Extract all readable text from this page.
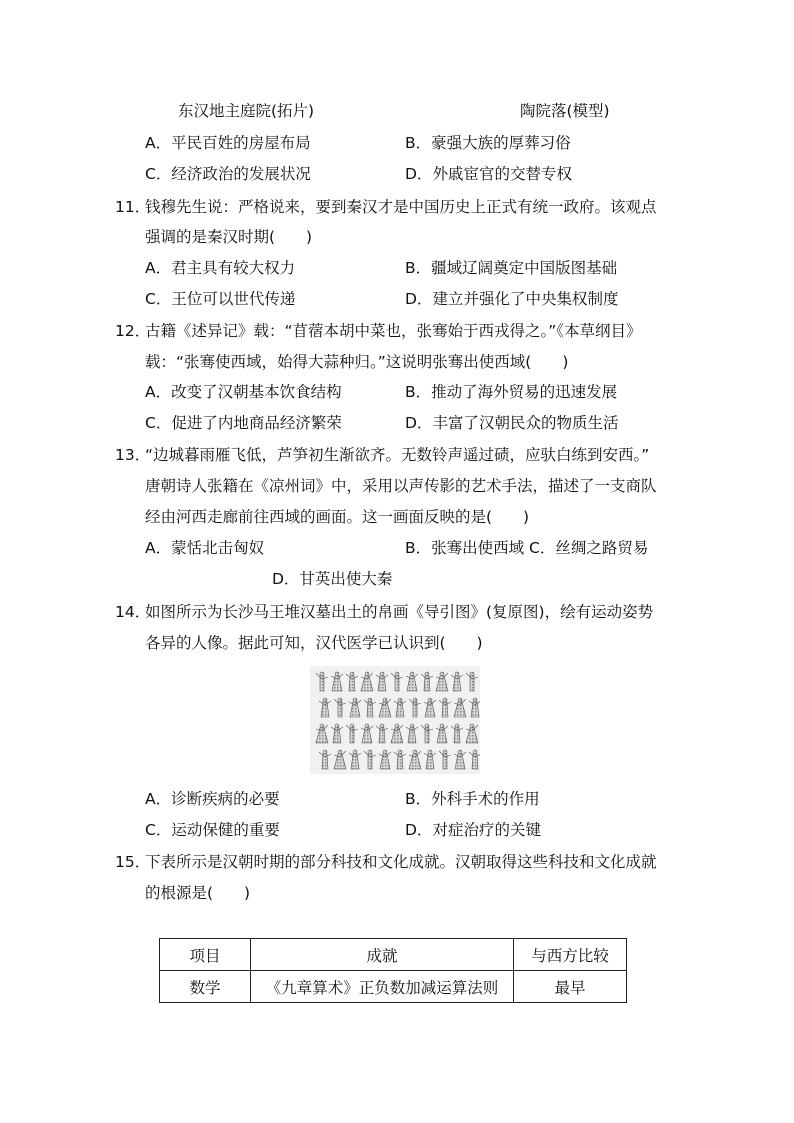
东汉地主庭院(拓片)	陶院落(模型)
A．平民百姓的房屋布局	B．豪强大族的厚葬习俗
C．经济政治的发展状况	D．外戚宦官的交替专权
11．
钱穆先生说：严格说来，要到秦汉才是中国历史上正式有统一政府。该观点
强调的是秦汉时期(　　)
A．君主具有较大权力	B．疆域辽阔奠定中国版图基础
C．王位可以世代传递	D．建立并强化了中央集权制度
12．
古籍《述异记》载：“苜蓿本胡中菜也，张骞始于西戎得之。”《本草纲目》
载：“张骞使西域，始得大蒜种归。”这说明张骞出使西域(　　)
A．改变了汉朝基本饮食结构	B．推动了海外贸易的迅速发展
C．促进了内地商品经济繁荣	D．丰富了汉朝民众的物质生活
13．
“边城暮雨雁飞低，芦笋初生渐欲齐。无数铃声遥过碛，应驮白练到安西。”
唐朝诗人张籍在《凉州词》中，采用以声传影的艺术手法，描述了一支商队
经由河西走廊前往西域的画面。这一画面反映的是(　　)
A．蒙恬北击匈奴	B．张骞出使西域 C．丝绸之路贸易
D．甘英出使大秦
14．
如图所示为长沙马王堆汉墓出土的帛画《导引图》(复原图)，绘有运动姿势
各异的人像。据此可知，汉代医学已认识到(　　)
A．诊断疾病的必要	B．外科手术的作用
C．运动保健的重要	D．对症治疗的关键
15．
下表所示是汉朝时期的部分科技和文化成就。汉朝取得这些科技和文化成就
的根源是(　　)
项目	成就	与西方比较
数学	《九章算术》正负数加减运算法则	最早
